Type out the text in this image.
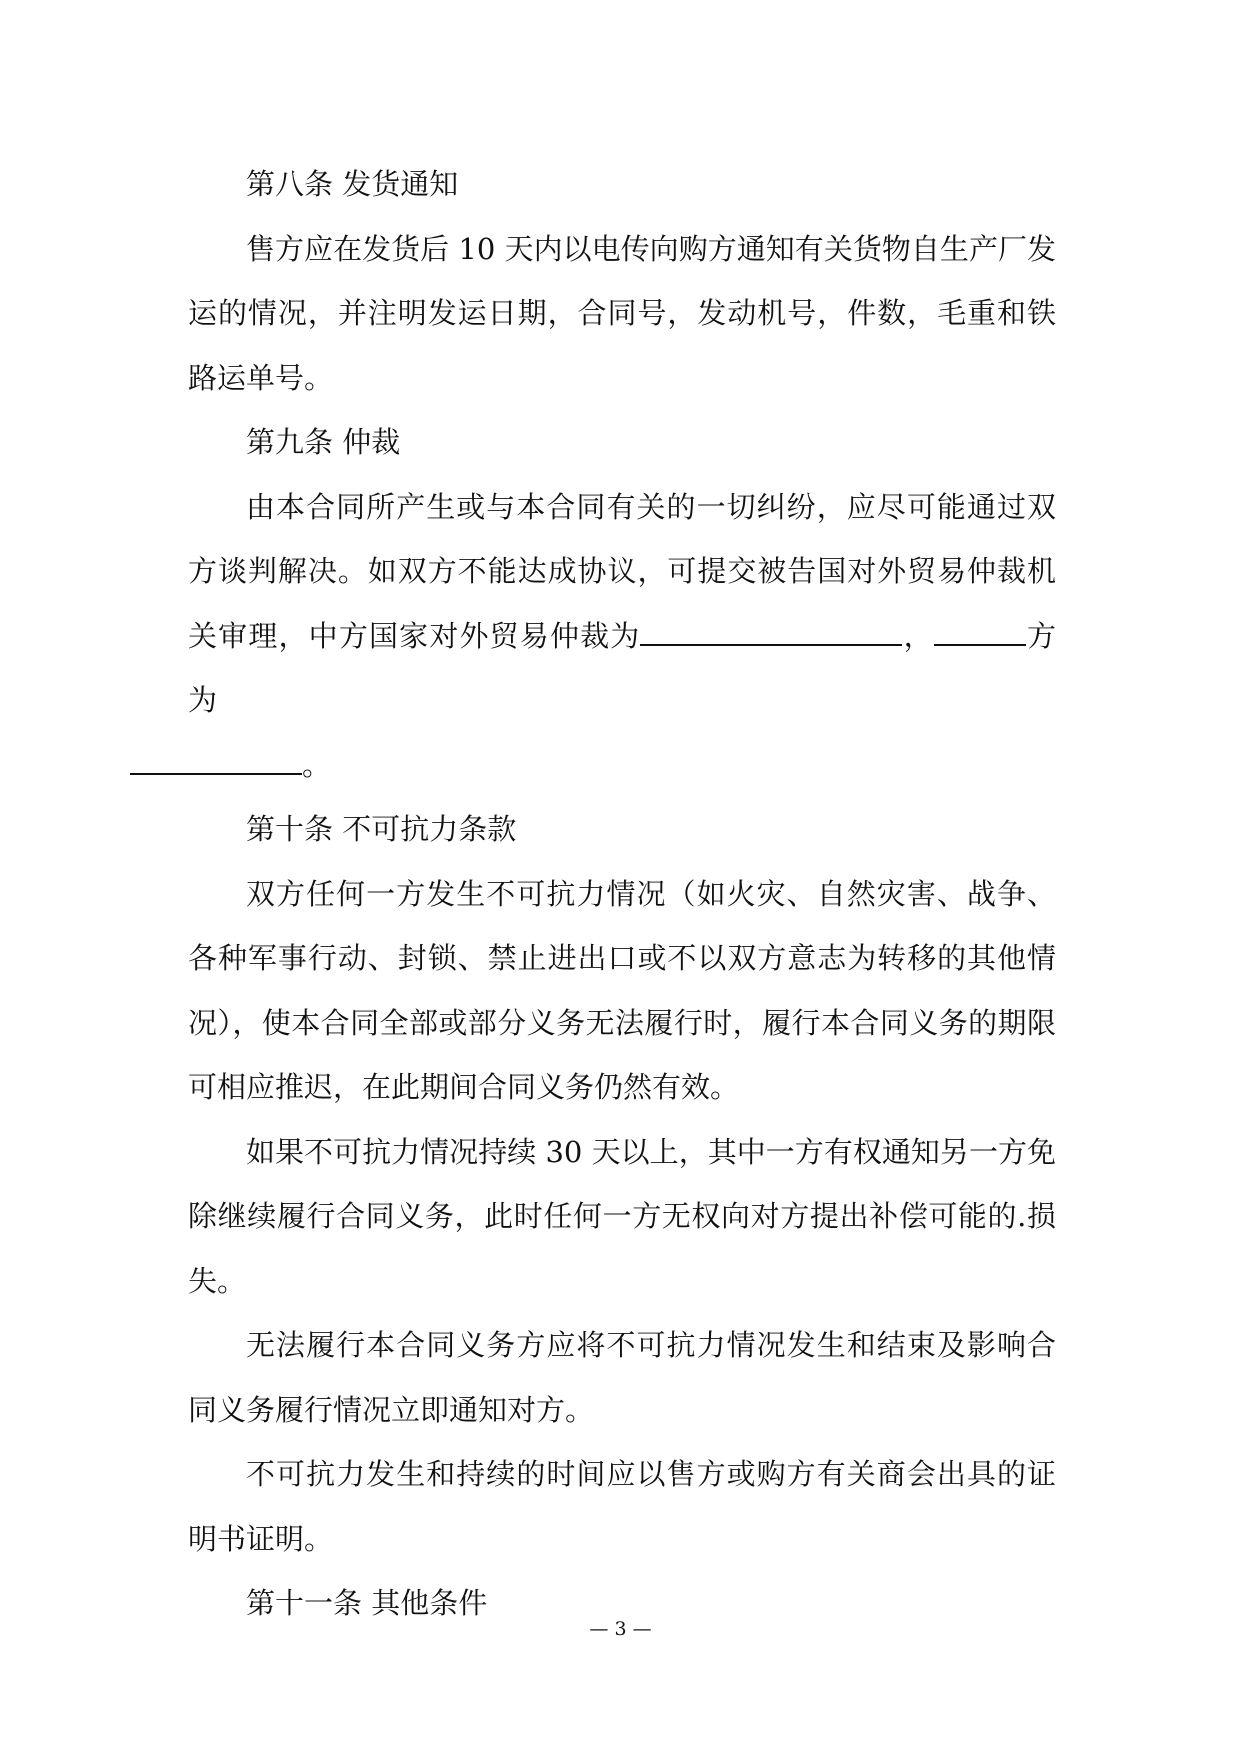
第八条 发货通知

售方应在发货后 10 天内以电传向购方通知有关货物自生产厂发运的情况，并注明发运日期，合同号，发动机号，件数，毛重和铁路运单号。

第九条 仲裁

由本合同所产生或与本合同有关的一切纠纷，应尽可能通过双方谈判解决。如双方不能达成协议，可提交被告国对外贸易仲裁机关审理，中方国家对外贸易仲裁为	，	方为
。

第十条 不可抗力条款

双方任何一方发生不可抗力情况（如火灾、自然灾害、战争、各种军事行动、封锁、禁止进出口或不以双方意志为转移的其他情况），使本合同全部或部分义务无法履行时，履行本合同义务的期限可相应推迟，在此期间合同义务仍然有效。

如果不可抗力情况持续 30 天以上，其中一方有权通知另一方免除继续履行合同义务，此时任何一方无权向对方提出补偿可能的.损失。

无法履行本合同义务方应将不可抗力情况发生和结束及影响合同义务履行情况立即通知对方。

不可抗力发生和持续的时间应以售方或购方有关商会出具的证明书证明。

第十一条 其他条件

— 3 —
